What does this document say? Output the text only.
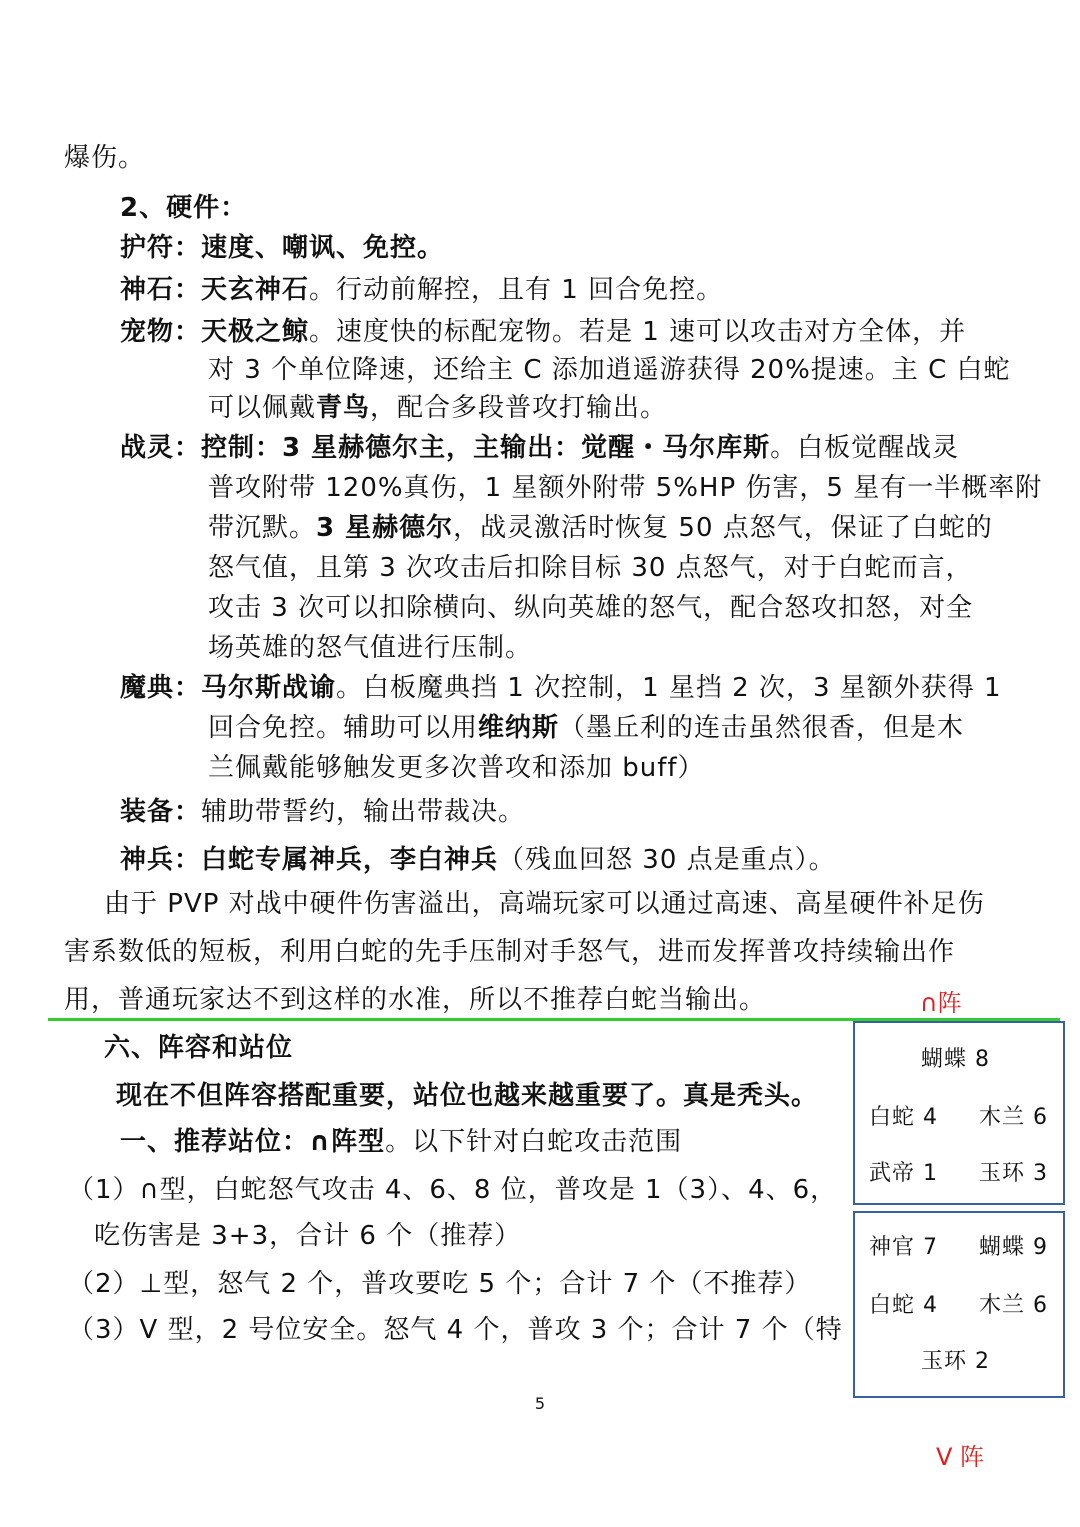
爆伤。
2、硬件：
护符：速度、嘲讽、免控。
神石：天玄神石。行动前解控，且有 1 回合免控。
宠物：天极之鲸。速度快的标配宠物。若是 1 速可以攻击对方全体，并
对 3 个单位降速，还给主 C 添加逍遥游获得 20%提速。主 C 白蛇
可以佩戴青鸟，配合多段普攻打输出。
战灵：控制：3 星赫德尔主，主输出：觉醒・马尔库斯。白板觉醒战灵
普攻附带 120%真伤，1 星额外附带 5%HP 伤害，5 星有一半概率附
带沉默。3 星赫德尔，战灵激活时恢复 50 点怒气，保证了白蛇的
怒气值，且第 3 次攻击后扣除目标 30 点怒气，对于白蛇而言，
攻击 3 次可以扣除横向、纵向英雄的怒气，配合怒攻扣怒，对全
场英雄的怒气值进行压制。
魔典：马尔斯战谕。白板魔典挡 1 次控制，1 星挡 2 次，3 星额外获得 1
回合免控。辅助可以用维纳斯（墨丘利的连击虽然很香，但是木
兰佩戴能够触发更多次普攻和添加 buff）
装备：辅助带誓约，输出带裁决。
神兵：白蛇专属神兵，李白神兵（残血回怒 30 点是重点）。
由于 PVP 对战中硬件伤害溢出，高端玩家可以通过高速、高星硬件补足伤
害系数低的短板，利用白蛇的先手压制对手怒气，进而发挥普攻持续输出作
用，普通玩家达不到这样的水准，所以不推荐白蛇当输出。
六、阵容和站位
现在不但阵容搭配重要，站位也越来越重要了。真是秃头。
一、推荐站位：∩阵型。以下针对白蛇攻击范围
（1）∩型，白蛇怒气攻击 4、6、8 位，普攻是 1（3）、4、6，
吃伤害是 3+3，合计 6 个（推荐）
（2）⊥型，怒气 2 个，普攻要吃 5 个；合计 7 个（不推荐）
（3）V 型，2 号位安全。怒气 4 个，普攻 3 个；合计 7 个（特
∩阵
蝴蝶 8
白蛇 4 木兰 6
武帝 1 玉环 3
神官 7 蝴蝶 9
白蛇 4 木兰 6
玉环 2
V 阵
5
